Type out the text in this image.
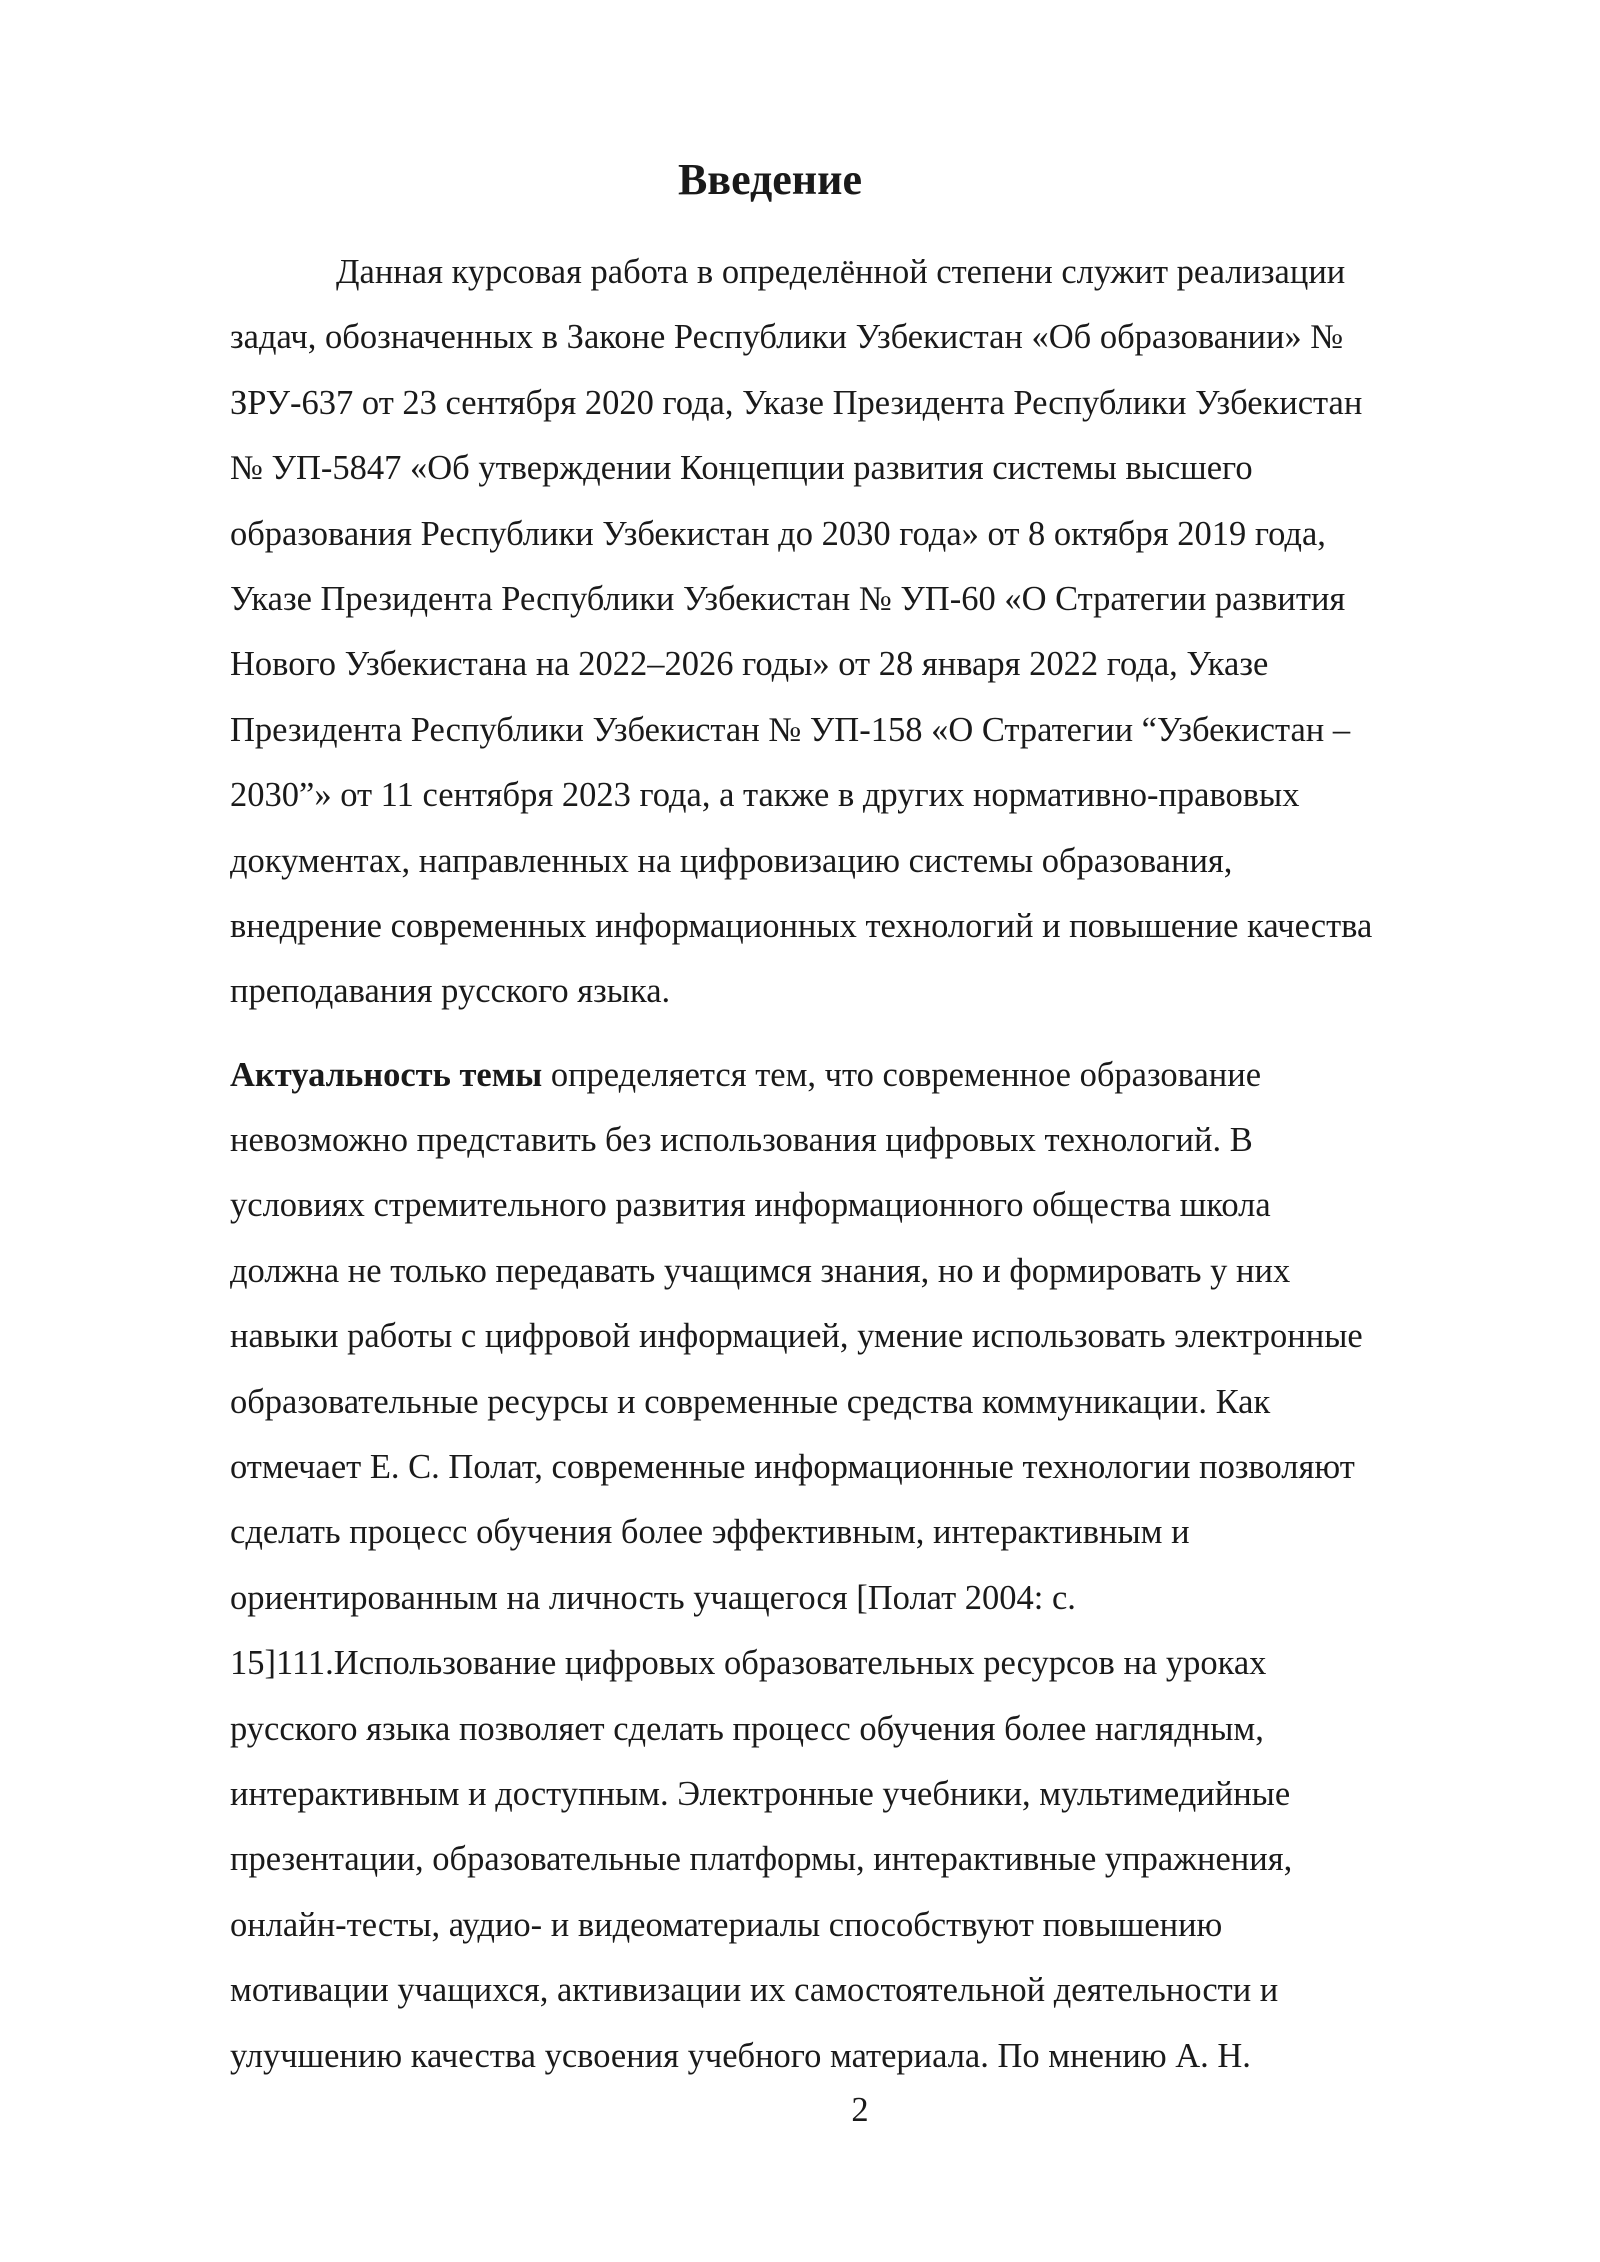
Введение
Данная курсовая работа в определённой степени служит реализации
задач, обозначенных в Законе Республики Узбекистан «Об образовании» №
ЗРУ-637 от 23 сентября 2020 года, Указе Президента Республики Узбекистан
№ УП-5847 «Об утверждении Концепции развития системы высшего
образования Республики Узбекистан до 2030 года» от 8 октября 2019 года,
Указе Президента Республики Узбекистан № УП-60 «О Стратегии развития
Нового Узбекистана на 2022–2026 годы» от 28 января 2022 года, Указе
Президента Республики Узбекистан № УП-158 «О Стратегии “Узбекистан –
2030”» от 11 сентября 2023 года, а также в других нормативно-правовых
документах, направленных на цифровизацию системы образования,
внедрение современных информационных технологий и повышение качества
преподавания русского языка.
Актуальность темы определяется тем, что современное образование
невозможно представить без использования цифровых технологий. В
условиях стремительного развития информационного общества школа
должна не только передавать учащимся знания, но и формировать у них
навыки работы с цифровой информацией, умение использовать электронные
образовательные ресурсы и современные средства коммуникации. Как
отмечает Е. С. Полат, современные информационные технологии позволяют
сделать процесс обучения более эффективным, интерактивным и
ориентированным на личность учащегося [Полат 2004: с.
15]111.Использование цифровых образовательных ресурсов на уроках
русского языка позволяет сделать процесс обучения более наглядным,
интерактивным и доступным. Электронные учебники, мультимедийные
презентации, образовательные платформы, интерактивные упражнения,
онлайн-тесты, аудио- и видеоматериалы способствуют повышению
мотивации учащихся, активизации их самостоятельной деятельности и
улучшению качества усвоения учебного материала. По мнению А. Н.
2
